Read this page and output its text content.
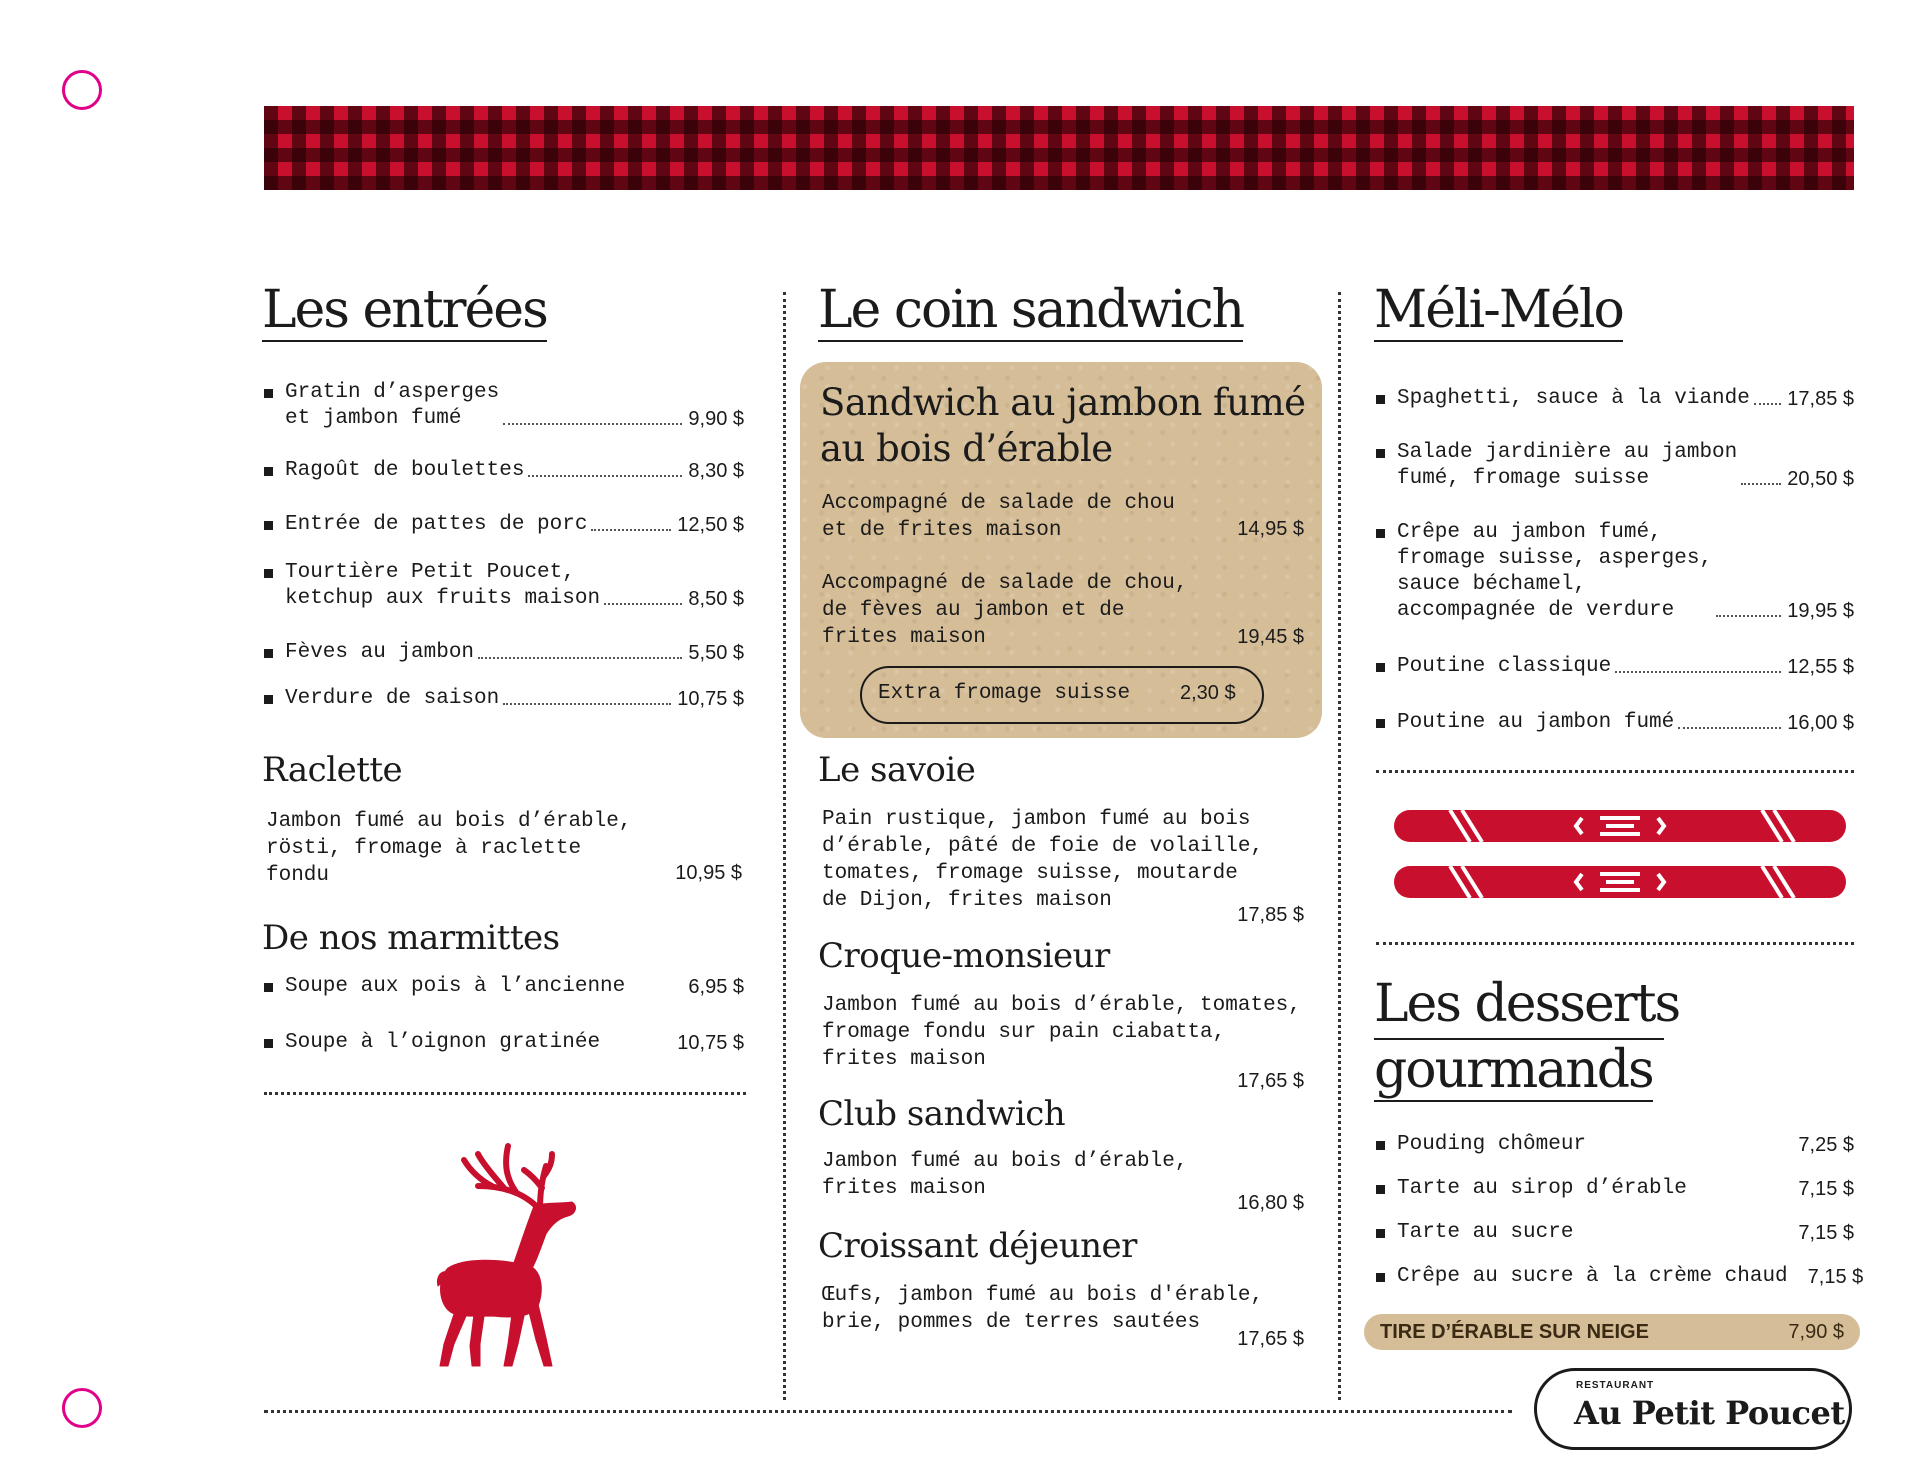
Les entrées
Gratin d’asperges
et jambon fumé	9,90 $
Ragoût de boulettes	8,30 $
Entrée de pattes de porc	12,50 $
Tourtière Petit Poucet,
ketchup aux fruits maison	8,50 $
Fèves au jambon	5,50 $
Verdure de saison	10,75 $
Raclette
Jambon fumé au bois d’érable,
rösti, fromage à raclette
fondu	10,95 $
De nos marmittes
Soupe aux pois à l’ancienne	6,95 $
Soupe à l’oignon gratinée	10,75 $
Le coin sandwich
Sandwich au jambon fumé
au bois d’érable
Accompagné de salade de chou
et de frites maison	14,95 $
Accompagné de salade de chou,
de fèves au jambon et de
frites maison	19,45 $
Extra fromage suisse 2,30 $
Le savoie
Pain rustique, jambon fumé au bois
d’érable, pâté de foie de volaille,
tomates, fromage suisse, moutarde
de Dijon, frites maison
17,85 $
Croque-monsieur
Jambon fumé au bois d’érable, tomates,
fromage fondu sur pain ciabatta,
frites maison
17,65 $
Club sandwich
Jambon fumé au bois d’érable,
frites maison
16,80 $
Croissant déjeuner
Œufs, jambon fumé au bois d'érable,
brie, pommes de terres sautées
17,65 $
Méli-Mélo
Spaghetti, sauce à la viande 17,85 $
Salade jardinière au jambon
fumé, fromage suisse	20,50 $
Crêpe au jambon fumé,
fromage suisse, asperges,
sauce béchamel,
accompagnée de verdure	19,95 $
Poutine classique	12,55 $
Poutine au jambon fumé	16,00 $
Les desserts
gourmands
Pouding chômeur	7,25 $
Tarte au sirop d’érable	7,15 $
Tarte au sucre	7,15 $
Crêpe au sucre à la crème chaud 7,15 $
TIRE D’ÉRABLE SUR NEIGE	7,90 $
RESTAURANT
Au Petit Poucet
